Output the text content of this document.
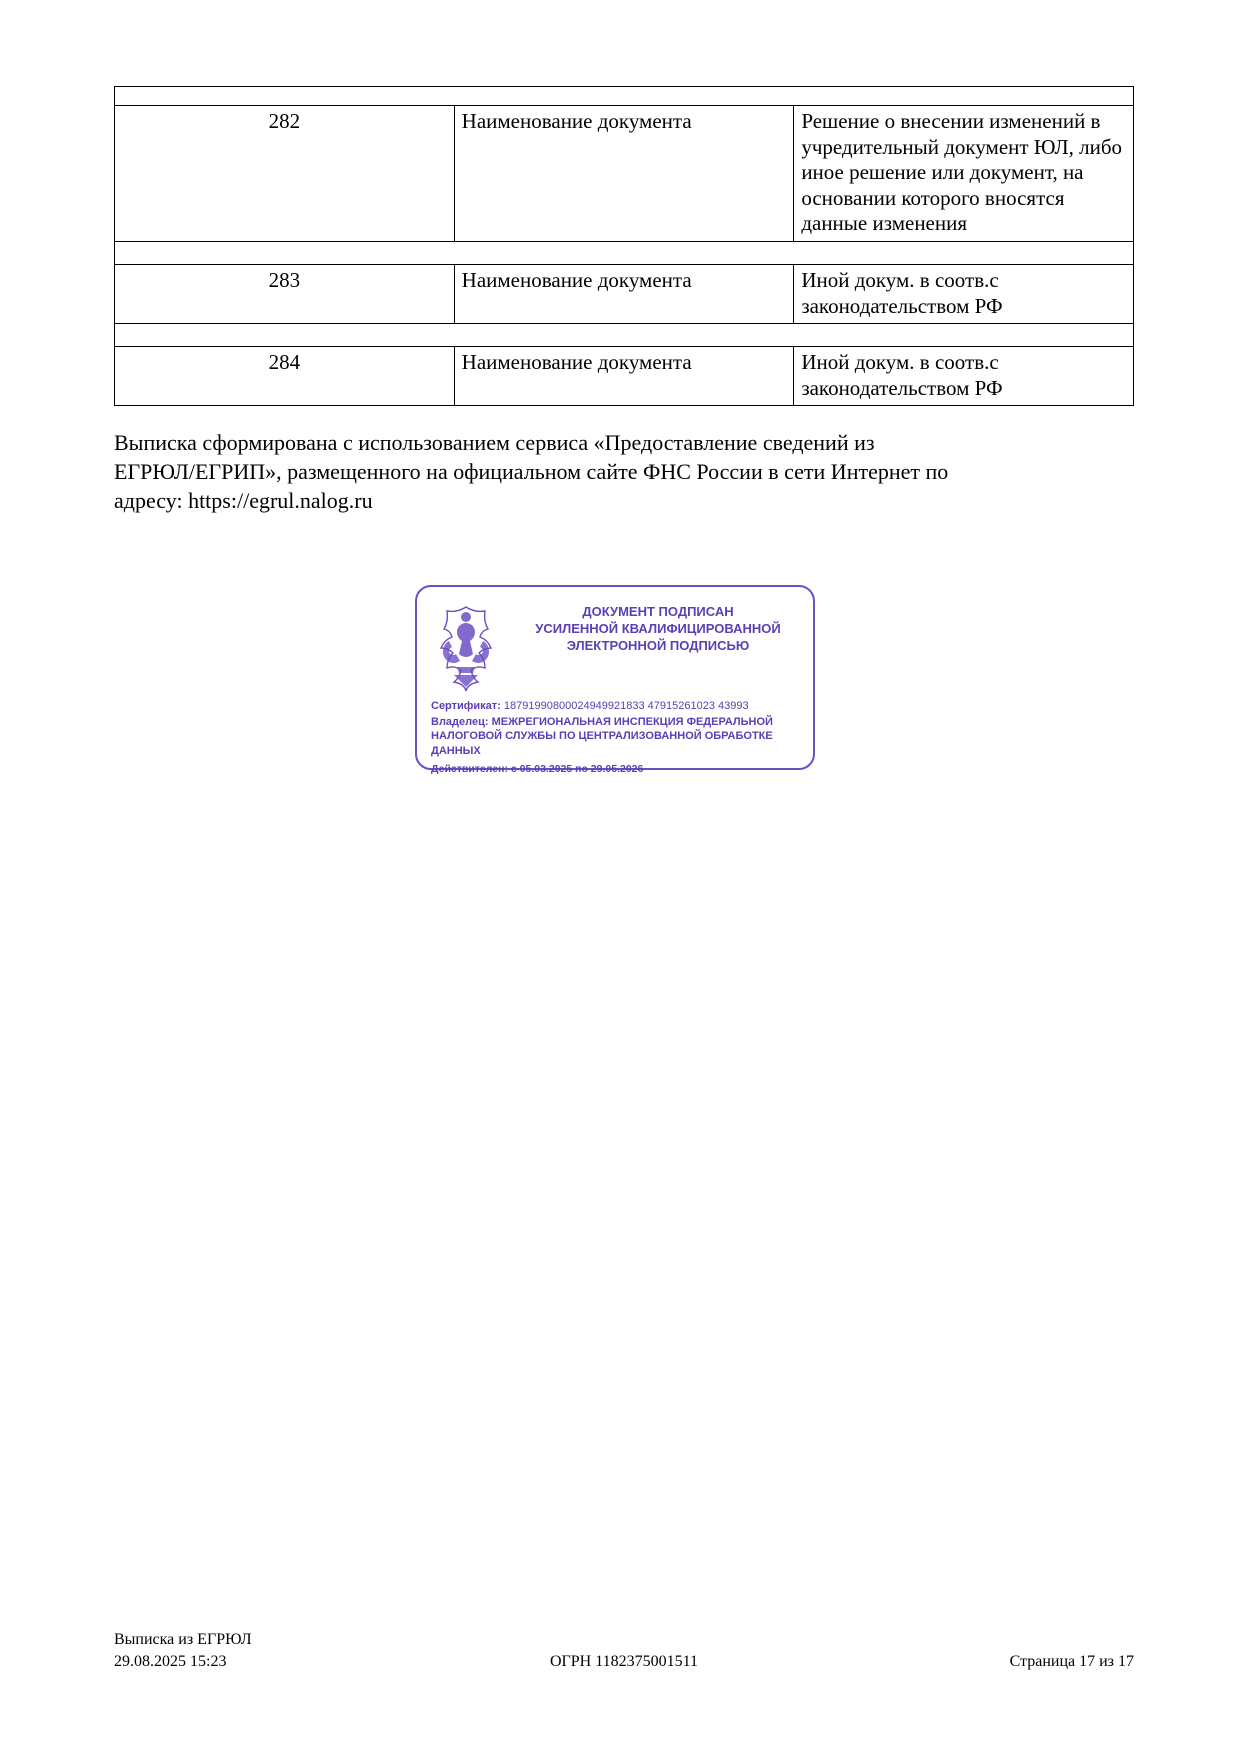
282	Наименование документа	Решение о внесении изменений в учредительный документ ЮЛ, либо иное решение или документ, на основании которого вносятся данные изменения

283	Наименование документа	Иной докум. в соотв.с законодательством РФ

284	Наименование документа	Иной докум. в соотв.с законодательством РФ
Выписка сформирована с использованием сервиса «Предоставление сведений из
ЕГРЮЛ/ЕГРИП», размещенного на официальном сайте ФНС России в сети Интернет по
адресу: https://egrul.nalog.ru
ДОКУМЕНТ ПОДПИСАН
УСИЛЕННОЙ КВАЛИФИЦИРОВАННОЙ
ЭЛЕКТРОННОЙ ПОДПИСЬЮ
Сертификат: 18791990800024949921833 47915261023 43993
Владелец: МЕЖРЕГИОНАЛЬНАЯ ИНСПЕКЦИЯ ФЕДЕРАЛЬНОЙ НАЛОГОВОЙ СЛУЖБЫ ПО ЦЕНТРАЛИЗОВАННОЙ ОБРАБОТКЕ ДАННЫХ
Действителен: с 05.03.2025 по 29.05.2026
Выписка из ЕГРЮЛ
29.08.2025 15:23	ОГРН 1182375001511	Страница 17 из 17
